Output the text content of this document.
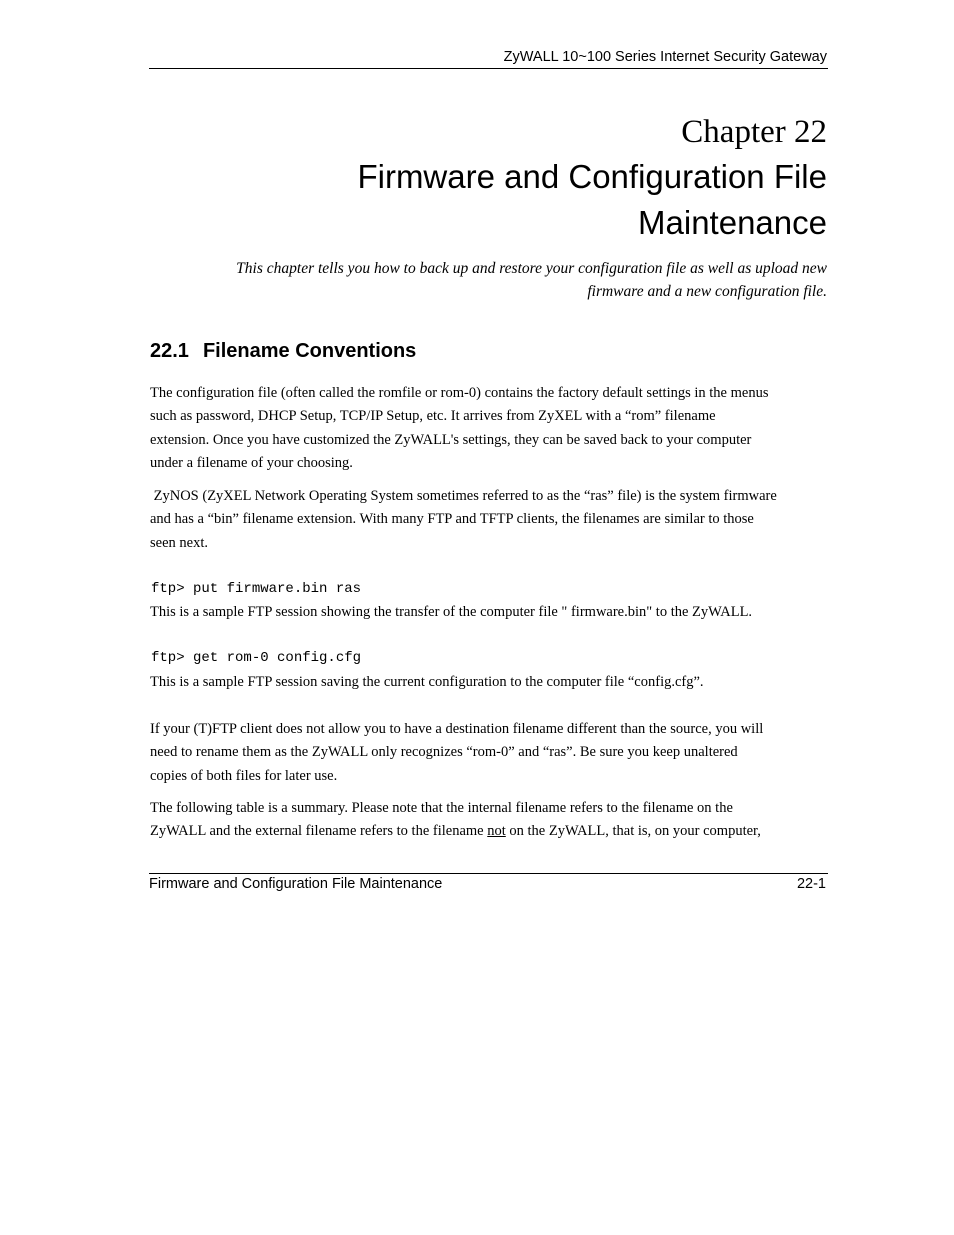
ZyWALL 10~100 Series Internet Security Gateway
Chapter 22
Firmware and Configuration File
Maintenance
This chapter tells you how to back up and restore your configuration file as well as upload new
firmware and a new configuration file.
22.1 Filename Conventions
The configuration file (often called the romfile or rom-0) contains the factory default settings in the menus
such as password, DHCP Setup, TCP/IP Setup, etc. It arrives from ZyXEL with a “rom” filename
extension. Once you have customized the ZyWALL's settings, they can be saved back to your computer
under a filename of your choosing.
ZyNOS (ZyXEL Network Operating System sometimes referred to as the “ras” file) is the system firmware
and has a “bin” filename extension. With many FTP and TFTP clients, the filenames are similar to those
seen next.
ftp> put firmware.bin ras
This is a sample FTP session showing the transfer of the computer file " firmware.bin" to the ZyWALL.
ftp> get rom-0 config.cfg
This is a sample FTP session saving the current configuration to the computer file “config.cfg”.
If your (T)FTP client does not allow you to have a destination filename different than the source, you will
need to rename them as the ZyWALL only recognizes “rom-0” and “ras”. Be sure you keep unaltered
copies of both files for later use.
The following table is a summary. Please note that the internal filename refers to the filename on the
ZyWALL and the external filename refers to the filename not on the ZyWALL, that is, on your computer,
Firmware and Configuration File Maintenance	22-1
